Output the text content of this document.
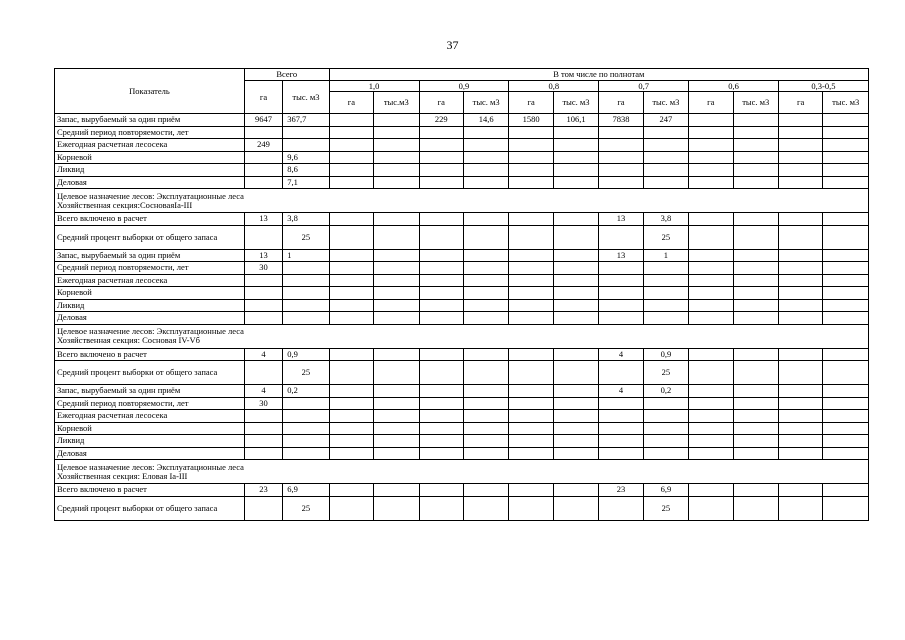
37
Показатель	Всего		В том числе по полнотам											
	га	тыс. м3	1,0		0,9		0,8		0,7		0,6		0,3-0,5	
			га	тыс.м3	га	тыс. м3	га	тыс. м3	га	тыс. м3	га	тыс. м3	га	тыс. м3
Запас, вырубаемый за один приём	9647	367,7			229	14,6	1580	106,1	7838	247				
Средний период повторяемости, лет														
Ежегодная расчетная лесосека	249													
Корневой		9,6												
Ликвид		8,6												
Деловая		7,1												

Целевое назначение лесов: Эксплуатационные леса
Хозяйственная секция:СосноваяIа-III														

Всего включено в расчет	13	3,8							13	3,8				
Средний процент выборки от общего запаса		25								25				
Запас, вырубаемый за один приём	13	1							13	1				
Средний период повторяемости, лет	30													
Ежегодная расчетная лесосека														
Корневой														
Ликвид														
Деловая														

Целевое назначение лесов: Эксплуатационные леса
Хозяйственная секция: Сосновая IV-Vб														

Всего включено в расчет	4	0,9							4	0,9				
Средний процент выборки от общего запаса		25								25				
Запас, вырубаемый за один приём	4	0,2							4	0,2				
Средний период повторяемости, лет	30													
Ежегодная расчетная лесосека														
Корневой														
Ликвид														
Деловая														

Целевое назначение лесов: Эксплуатационные леса
Хозяйственная секция: Еловая Iа-III														

Всего включено в расчет	23	6,9							23	6,9				
Средний процент выборки от общего запаса		25								25				
